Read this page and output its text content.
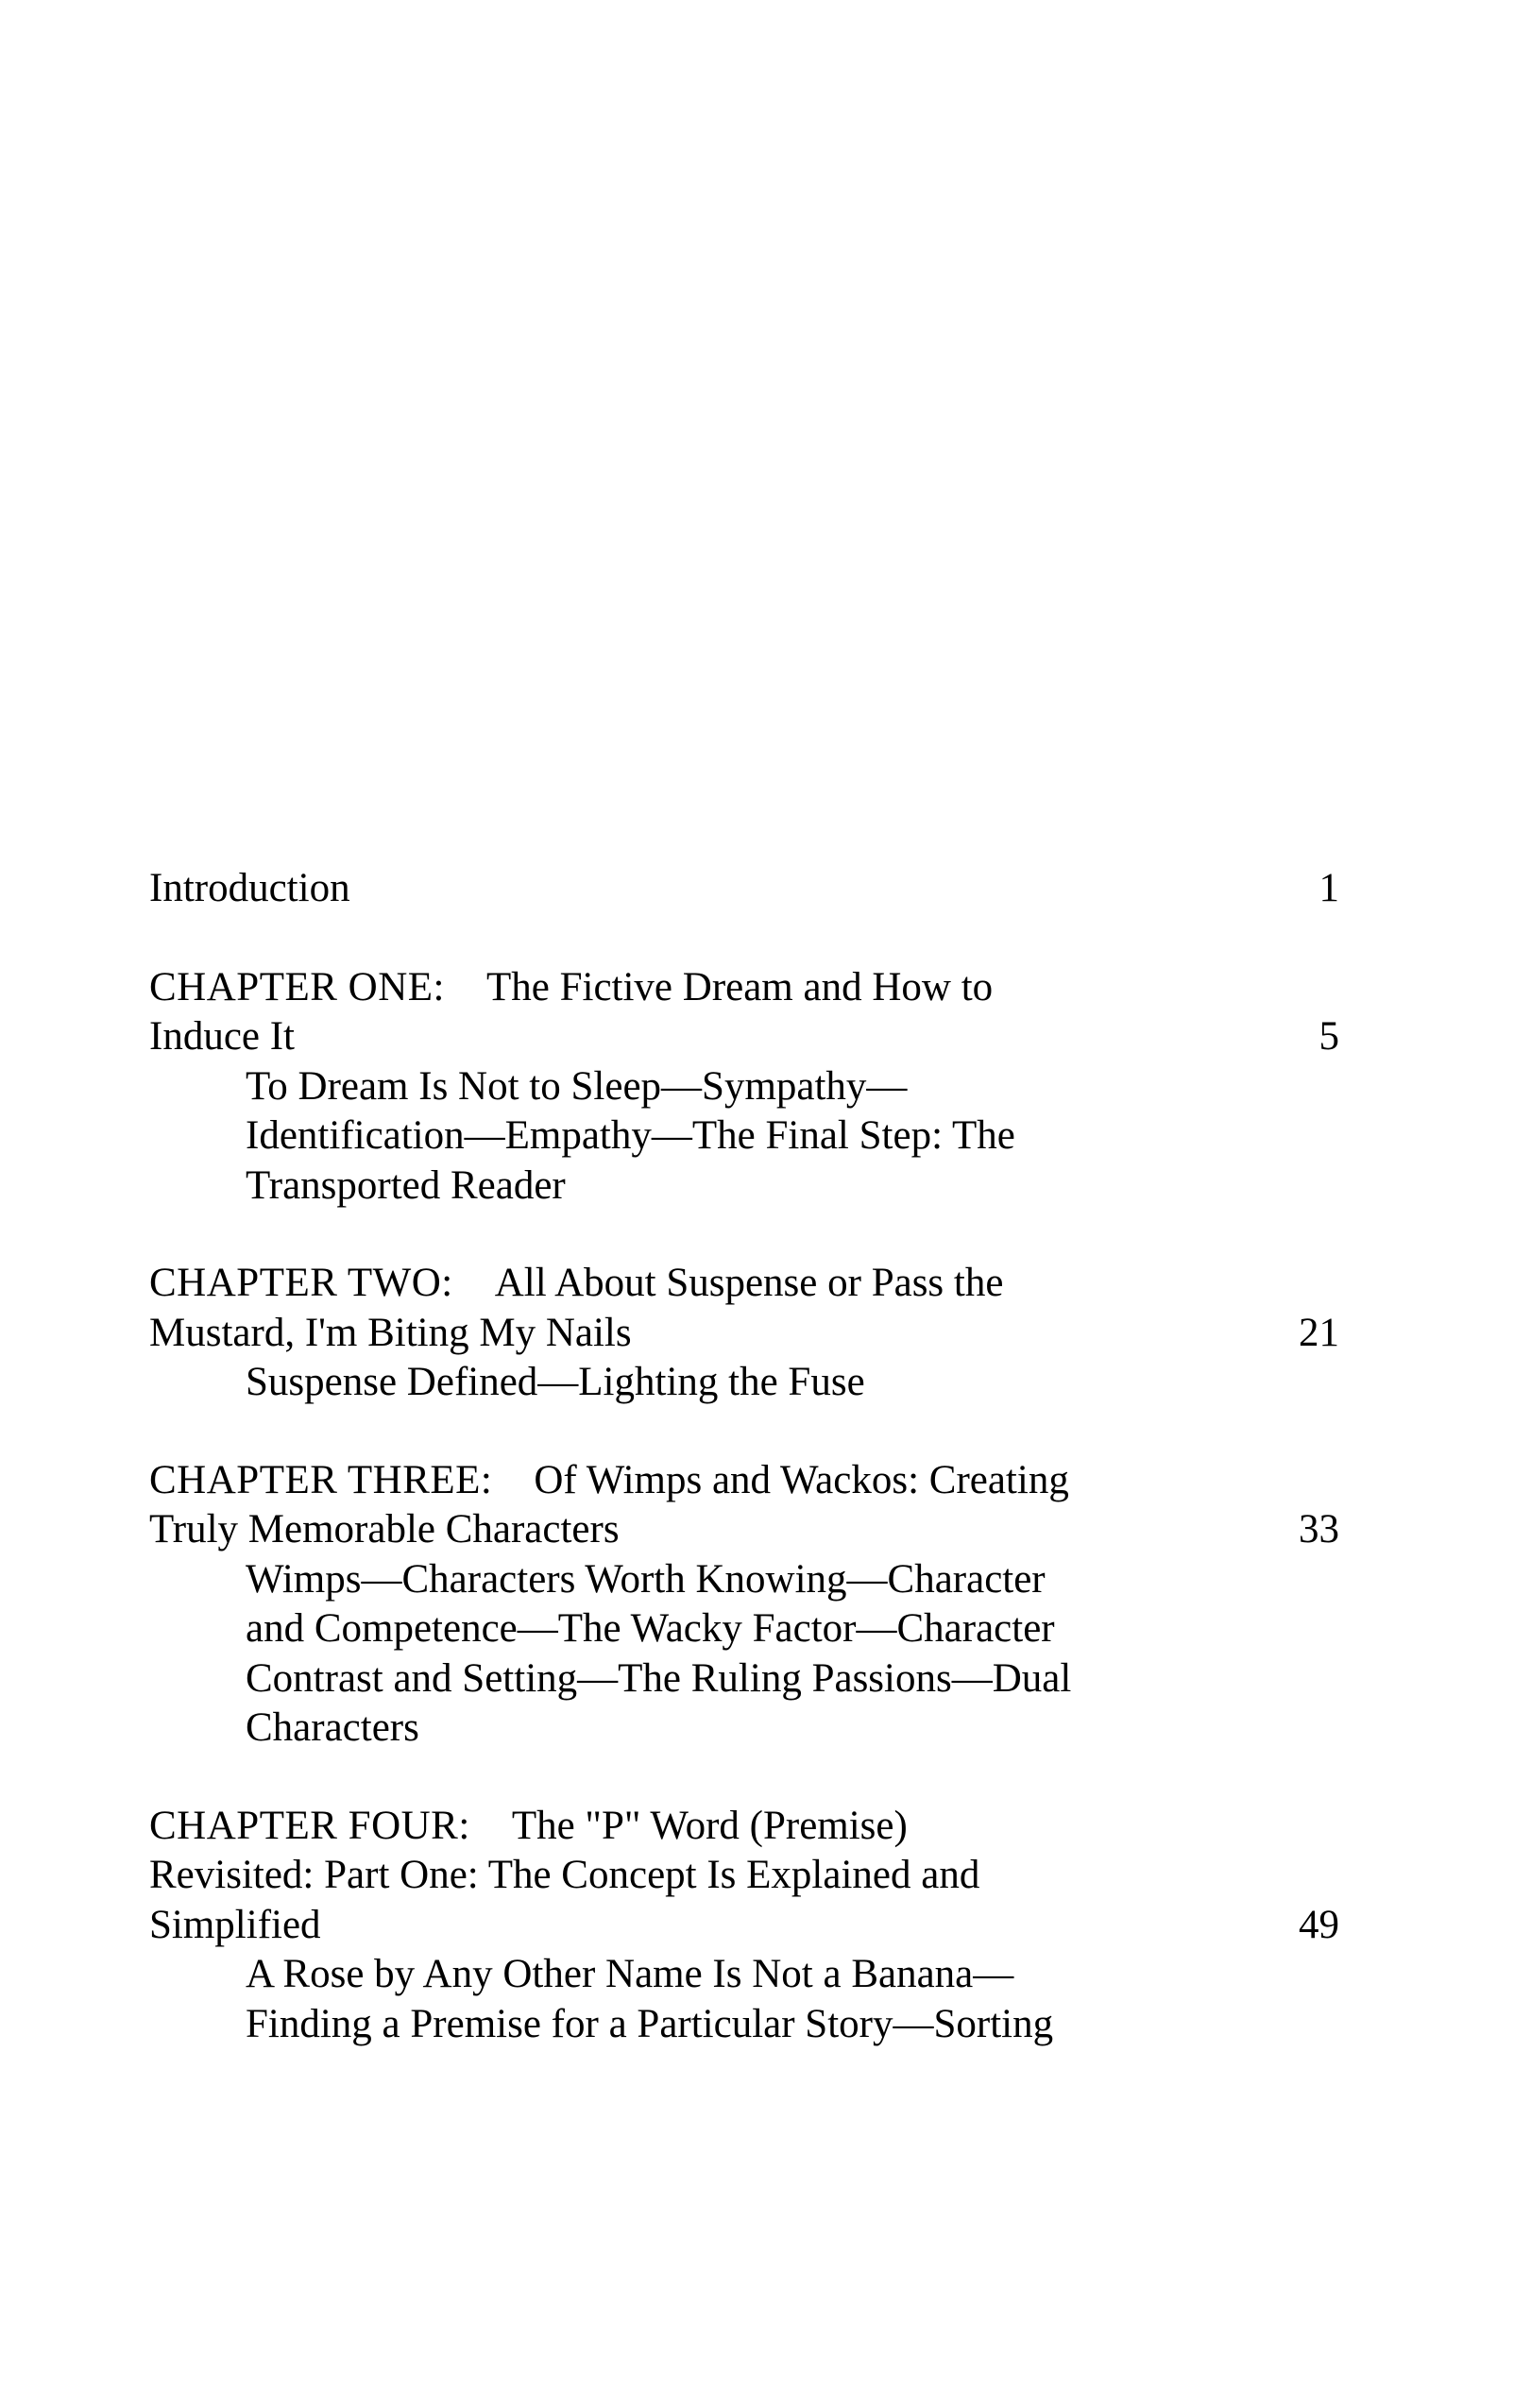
Introduction	1
CHAPTER ONE: The Fictive Dream and How to
Induce It	5
To Dream Is Not to Sleep—Sympathy—
Identification—Empathy—The Final Step: The
Transported Reader
CHAPTER TWO: All About Suspense or Pass the
Mustard, I'm Biting My Nails	21
Suspense Defined—Lighting the Fuse
CHAPTER THREE: Of Wimps and Wackos: Creating
Truly Memorable Characters	33
Wimps—Characters Worth Knowing—Character
and Competence—The Wacky Factor—Character
Contrast and Setting—The Ruling Passions—Dual
Characters
CHAPTER FOUR: The "P" Word (Premise)
Revisited: Part One: The Concept Is Explained and
Simplified	49
A Rose by Any Other Name Is Not a Banana—
Finding a Premise for a Particular Story—Sorting
